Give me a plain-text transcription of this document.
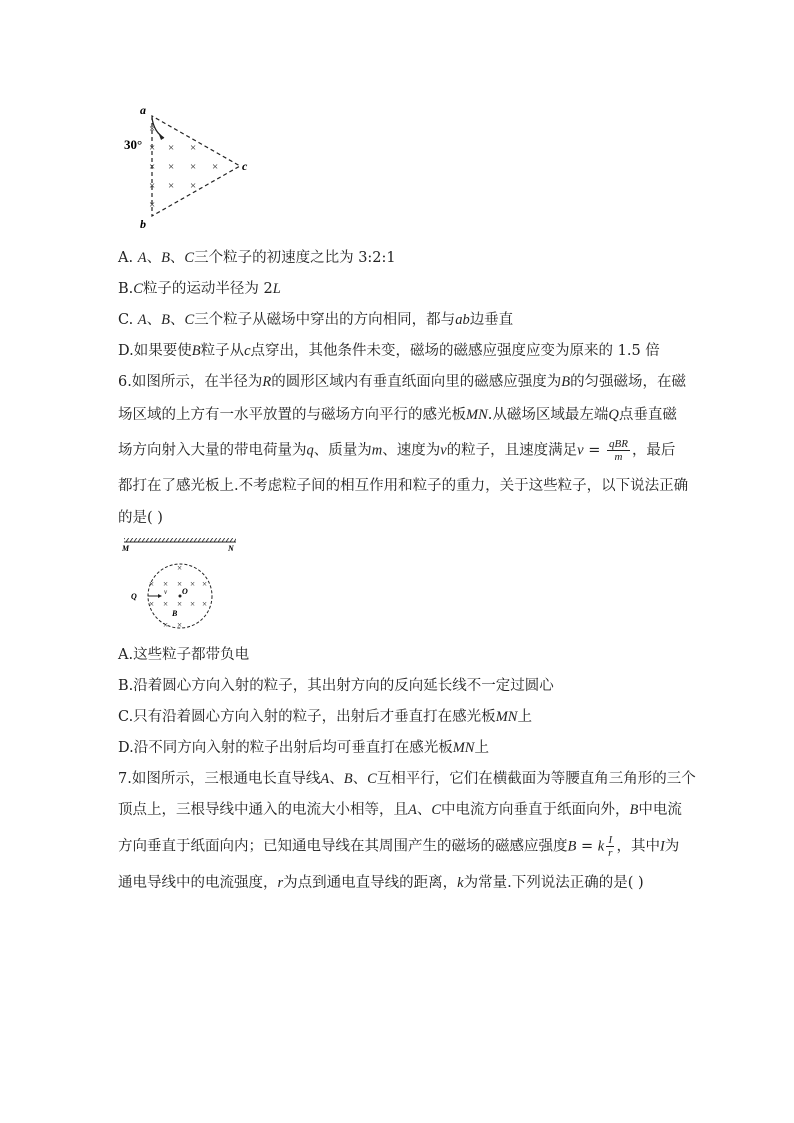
a
b
c
30°
×
× × ×
× × × ×
× × ×
×
A. A、B、C三个粒子的初速度之比为 3:2:1
B.C粒子的运动半径为 2L
C. A、B、C三个粒子从磁场中穿出的方向相同，都与ab边垂直
D.如果要使B粒子从c点穿出，其他条件未变，磁场的磁感应强度应变为原来的 1.5 倍
6.如图所示，在半径为R的圆形区域内有垂直纸面向里的磁感应强度为B的匀强磁场，在磁
场区域的上方有一水平放置的与磁场方向平行的感光板MN.从磁场区域最左端Q点垂直磁
场方向射入大量的带电荷量为q、质量为m、速度为v的粒子，且速度满足$v = \frac{\text{qBR}}{m}$ ，最后
都打在了感光板上.不考虑粒子间的相互作用和粒子的重力，关于这些粒子，以下说法正确
的是( )
M	N
×
× × × × ×
× × × × ×
× ×
Q	v O
B
A.这些粒子都带负电
B.沿着圆心方向入射的粒子，其出射方向的反向延长线不一定过圆心
C.只有沿着圆心方向入射的粒子，出射后才垂直打在感光板MN上
D.沿不同方向入射的粒子出射后均可垂直打在感光板MN上
7.如图所示，三根通电长直导线A、B、C互相平行，它们在横截面为等腰直角三角形的三个
顶点上，三根导线中通入的电流大小相等，且A、C中电流方向垂直于纸面向外，B中电流
方向垂直于纸面向内；已知通电导线在其周围产生的磁场的磁感应强度B = k $\frac{I}{r}$ ，其中I为
通电导线中的电流强度，r为点到通电直导线的距离，k为常量.下列说法正确的是( )
